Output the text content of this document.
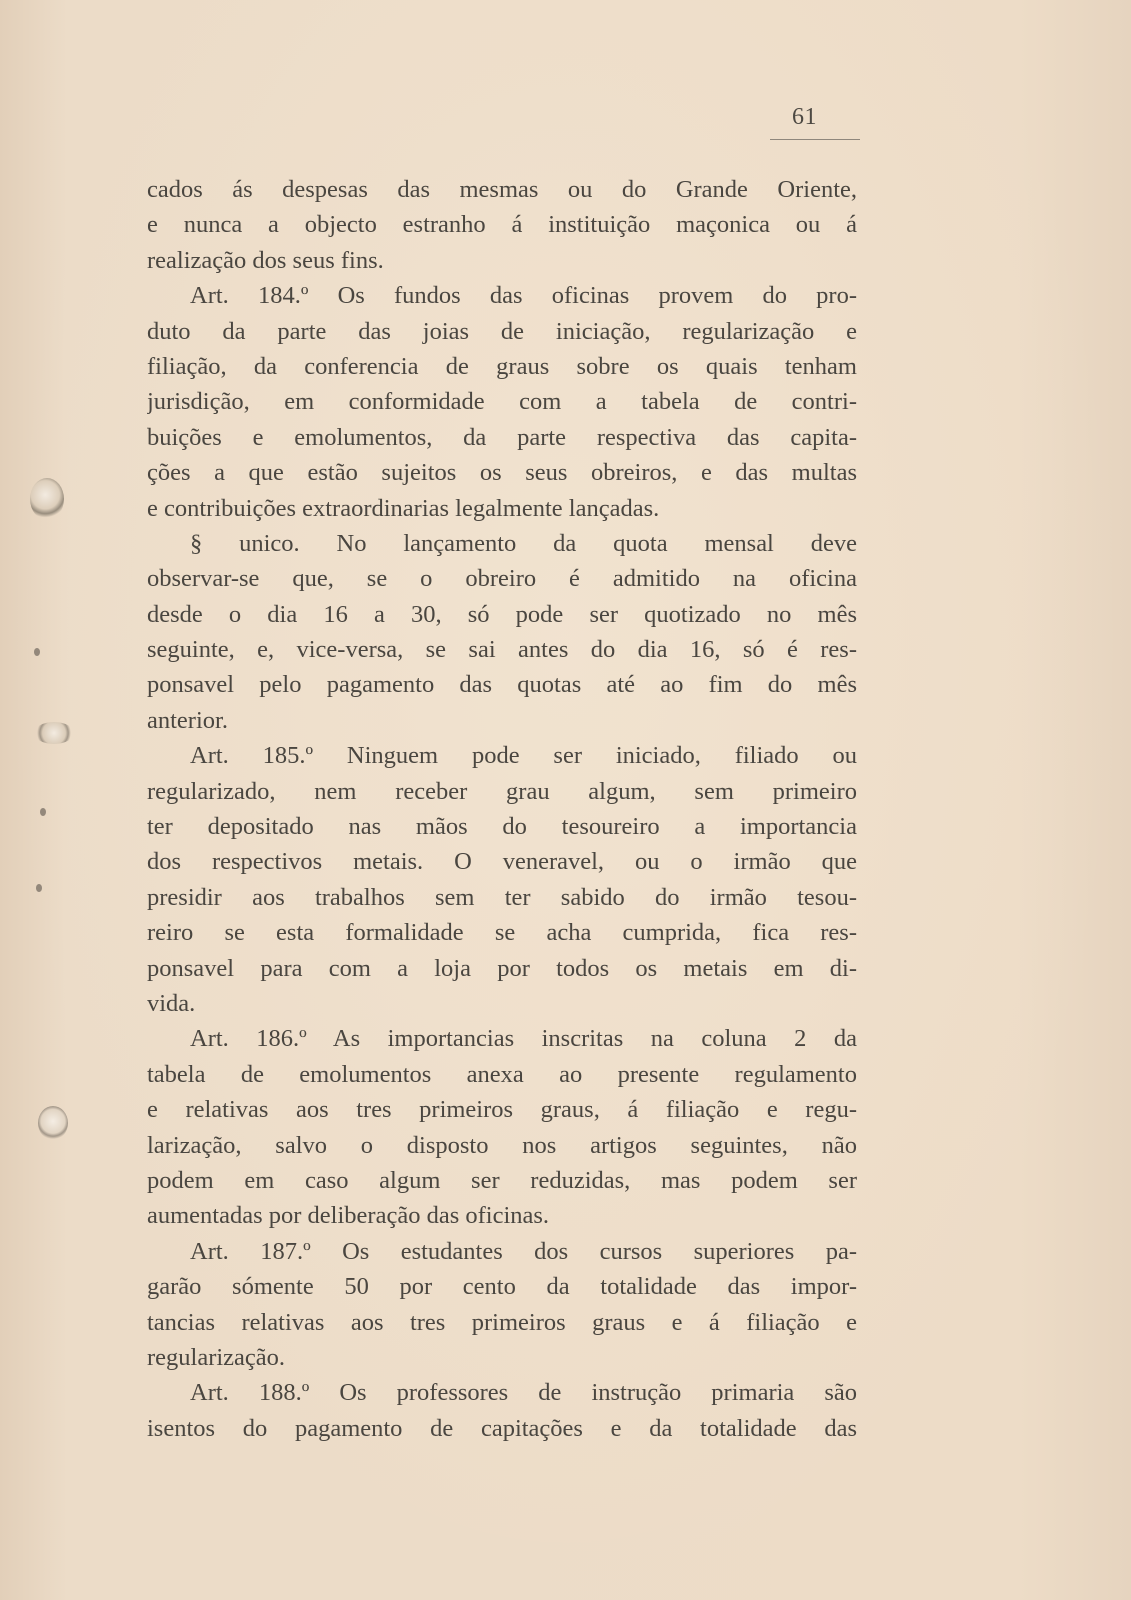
61
cados ás despesas das mesmas ou do Grande Oriente,
e nunca a objecto estranho á instituição maçonica ou á
realização dos seus fins.
Art. 184.º Os fundos das oficinas provem do pro-
duto da parte das joias de iniciação, regularização e
filiação, da conferencia de graus sobre os quais tenham
jurisdição, em conformidade com a tabela de contri-
buições e emolumentos, da parte respectiva das capita-
ções a que estão sujeitos os seus obreiros, e das multas
e contribuições extraordinarias legalmente lançadas.
§ unico. No lançamento da quota mensal deve
observar-se que, se o obreiro é admitido na oficina
desde o dia 16 a 30, só pode ser quotizado no mês
seguinte, e, vice-versa, se sai antes do dia 16, só é res-
ponsavel pelo pagamento das quotas até ao fim do mês
anterior.
Art. 185.º Ninguem pode ser iniciado, filiado ou
regularizado, nem receber grau algum, sem primeiro
ter depositado nas mãos do tesoureiro a importancia
dos respectivos metais. O veneravel, ou o irmão que
presidir aos trabalhos sem ter sabido do irmão tesou-
reiro se esta formalidade se acha cumprida, fica res-
ponsavel para com a loja por todos os metais em di-
vida.
Art. 186.º As importancias inscritas na coluna 2 da
tabela de emolumentos anexa ao presente regulamento
e relativas aos tres primeiros graus, á filiação e regu-
larização, salvo o disposto nos artigos seguintes, não
podem em caso algum ser reduzidas, mas podem ser
aumentadas por deliberação das oficinas.
Art. 187.º Os estudantes dos cursos superiores pa-
garão sómente 50 por cento da totalidade das impor-
tancias relativas aos tres primeiros graus e á filiação e
regularização.
Art. 188.º Os professores de instrução primaria são
isentos do pagamento de capitações e da totalidade das
